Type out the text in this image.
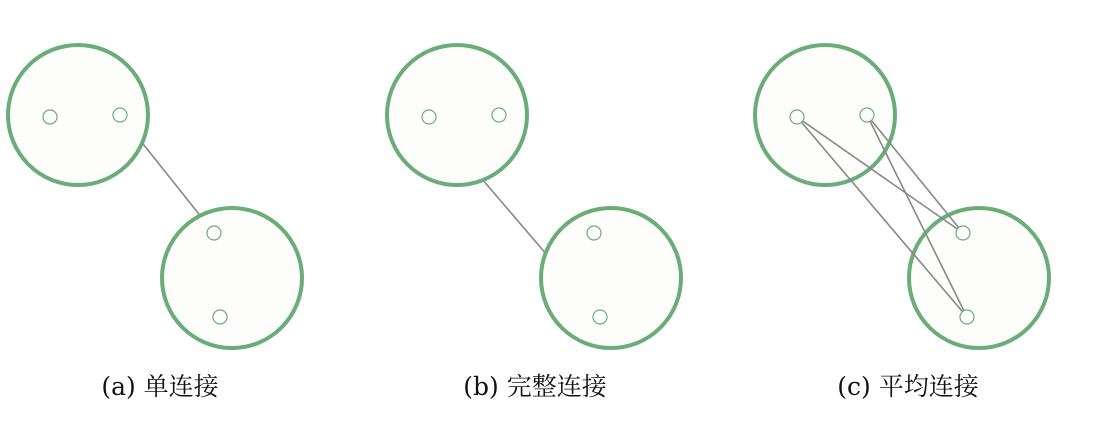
(a) 单连接	(b) 完整连接	(c) 平均连接
